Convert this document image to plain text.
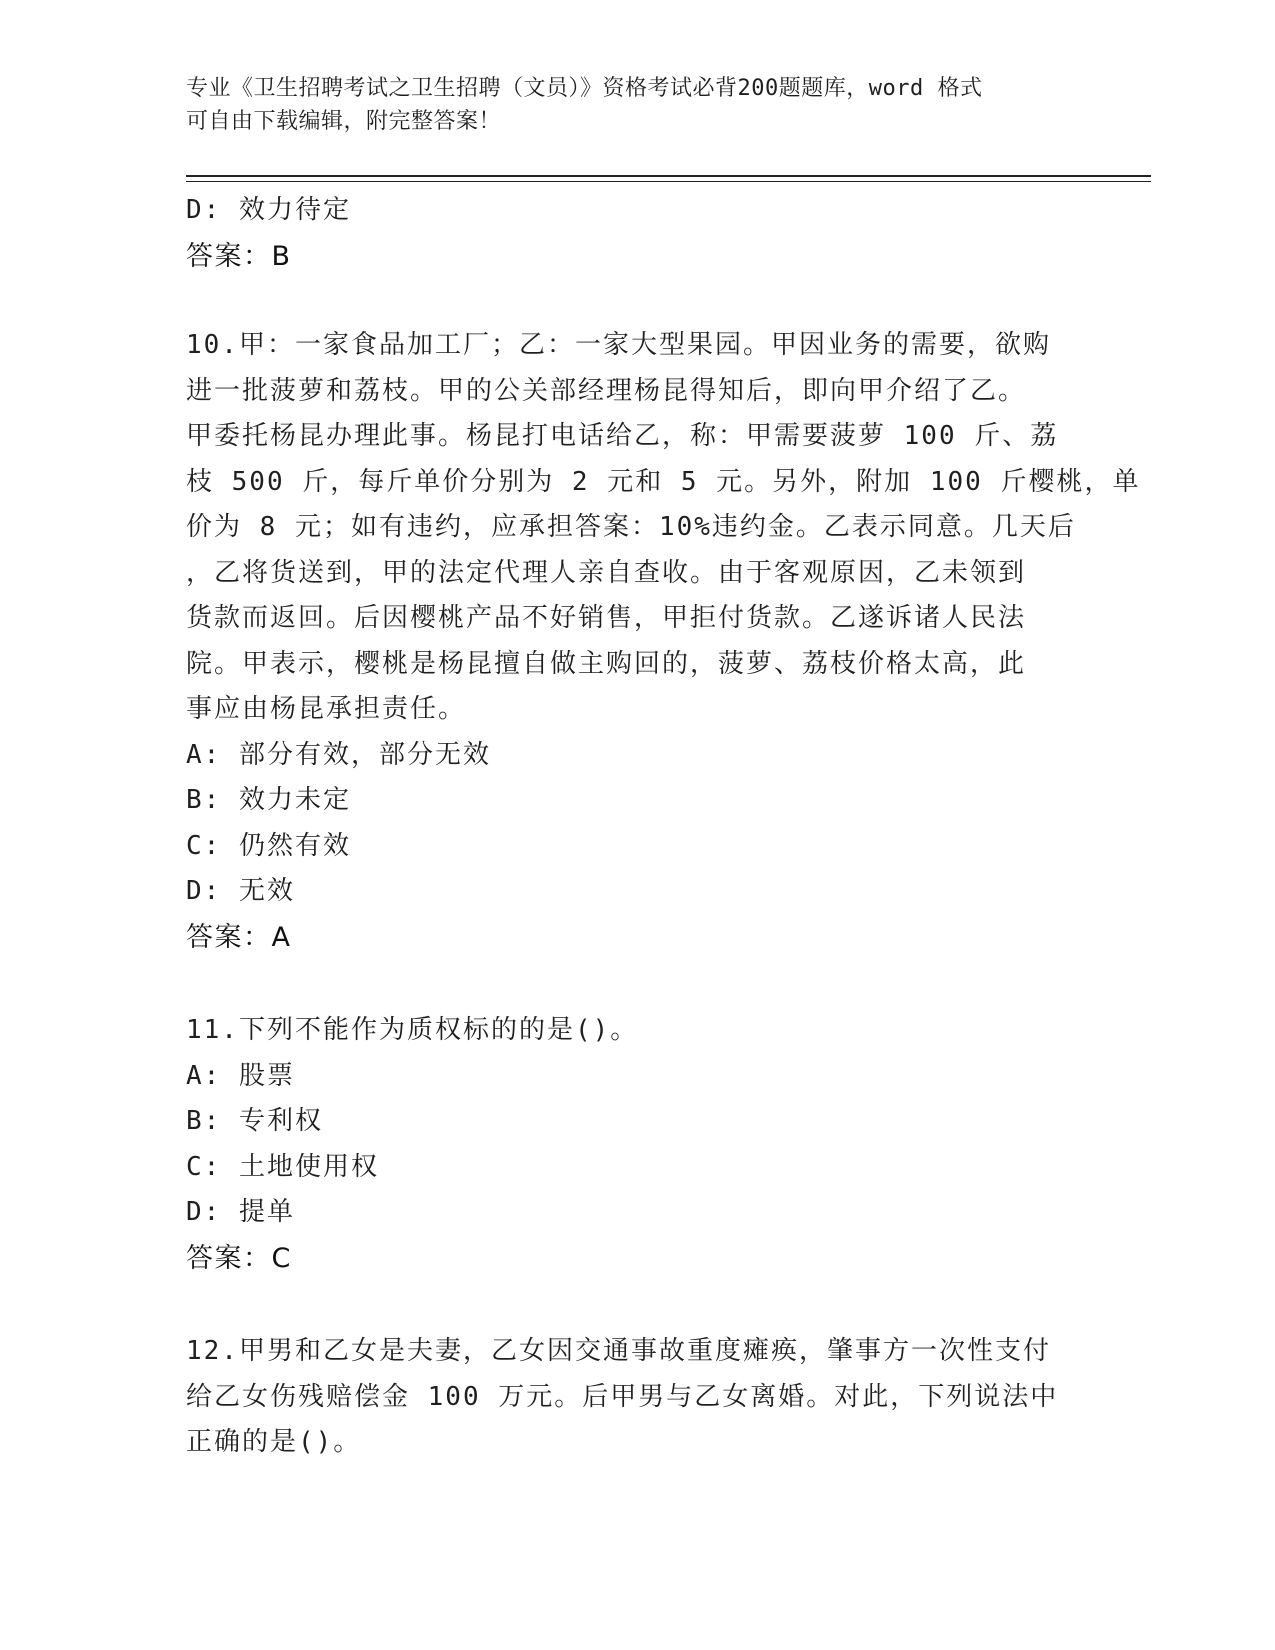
专业《卫生招聘考试之卫生招聘（文员）》资格考试必背200题题库，word 格式
可自由下载编辑，附完整答案！
D: 效力待定
答案：B
10.甲：一家食品加工厂；乙：一家大型果园。甲因业务的需要，欲购
进一批菠萝和荔枝。甲的公关部经理杨昆得知后，即向甲介绍了乙。
甲委托杨昆办理此事。杨昆打电话给乙，称：甲需要菠萝 100 斤、荔
枝 500 斤，每斤单价分别为 2 元和 5 元。另外，附加 100 斤樱桃，单
价为 8 元；如有违约，应承担答案：10%违约金。乙表示同意。几天后
，乙将货送到，甲的法定代理人亲自查收。由于客观原因，乙未领到
货款而返回。后因樱桃产品不好销售，甲拒付货款。乙遂诉诸人民法
院。甲表示，樱桃是杨昆擅自做主购回的，菠萝、荔枝价格太高，此
事应由杨昆承担责任。
A: 部分有效，部分无效
B: 效力未定
C: 仍然有效
D: 无效
答案：A
11.下列不能作为质权标的的是()。
A: 股票
B: 专利权
C: 土地使用权
D: 提单
答案：C
12.甲男和乙女是夫妻，乙女因交通事故重度瘫痪，肇事方一次性支付
给乙女伤残赔偿金 100 万元。后甲男与乙女离婚。对此，下列说法中
正确的是()。
